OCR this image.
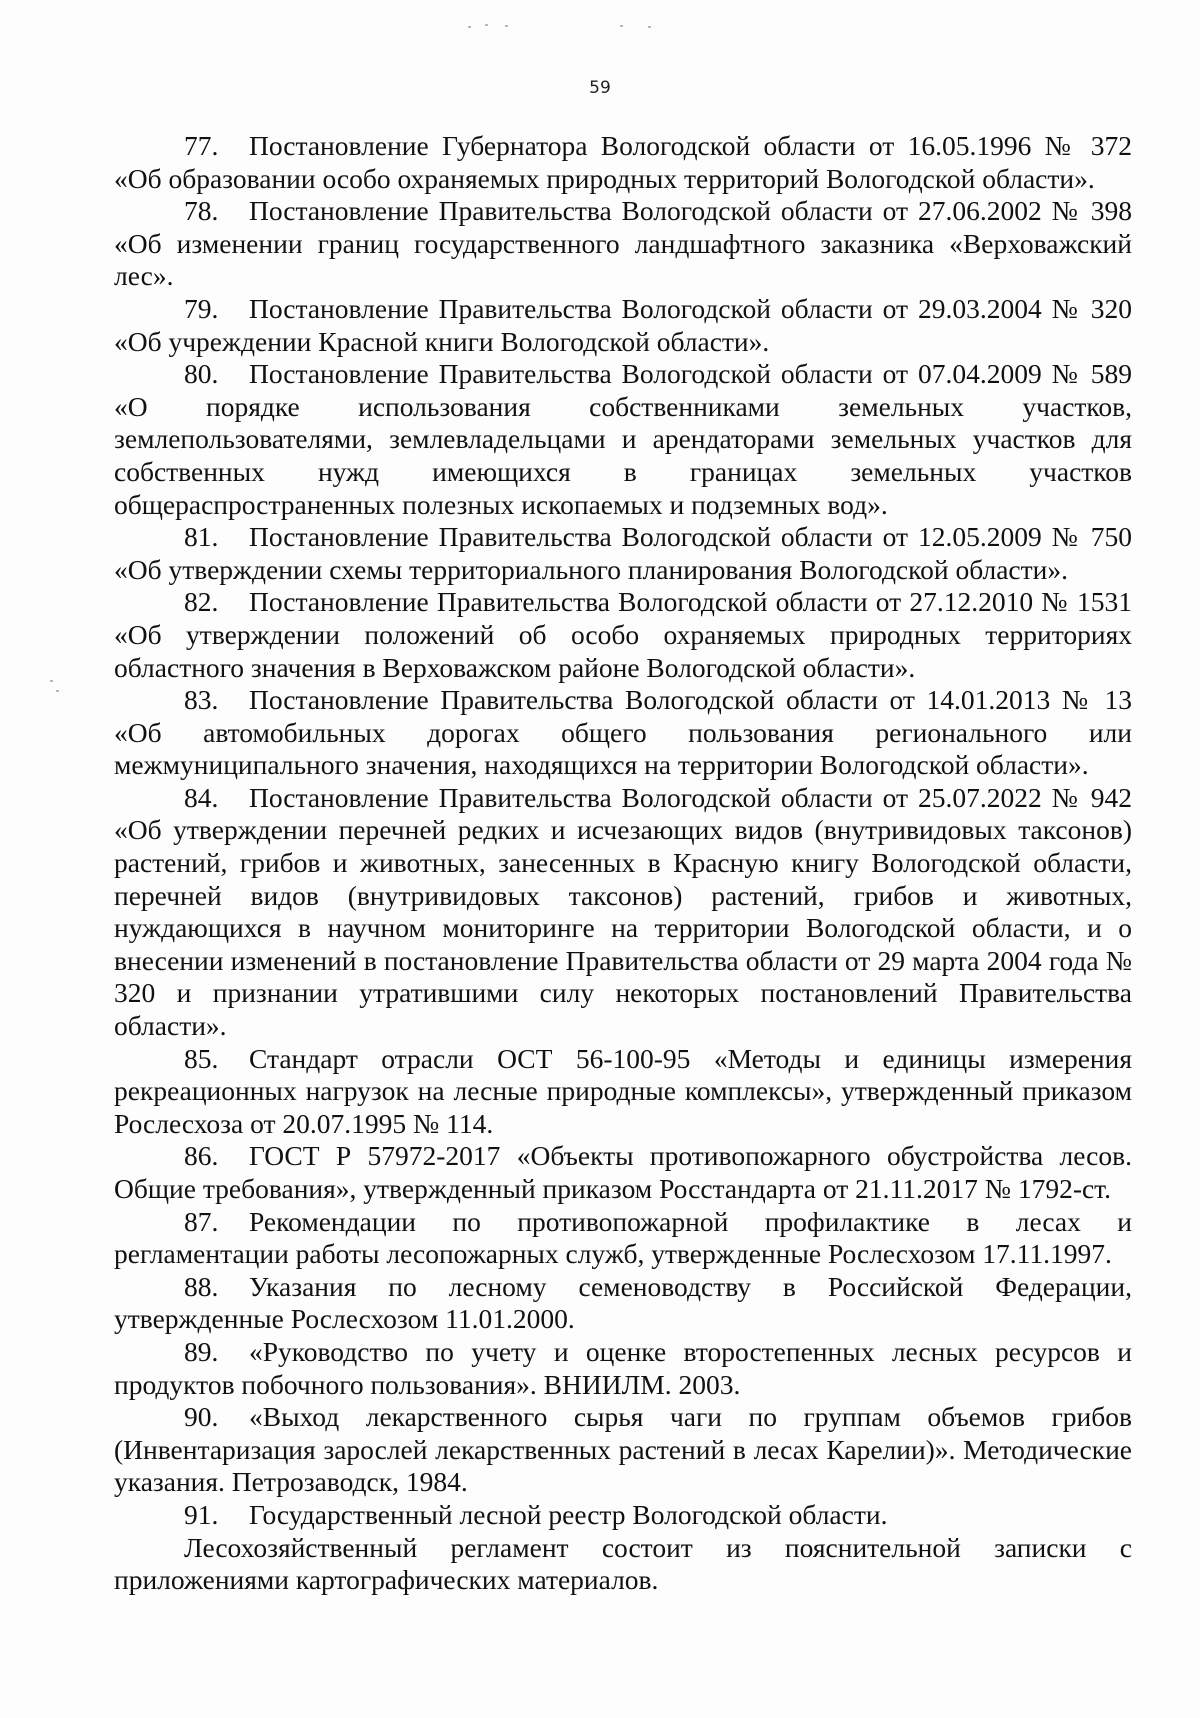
59

77. Постановление Губернатора Вологодской области от 16.05.1996 № 372 «Об образовании особо охраняемых природных территорий Вологодской области».

78. Постановление Правительства Вологодской области от 27.06.2002 № 398 «Об изменении границ государственного ландшафтного заказника «Верховажский лес».

79. Постановление Правительства Вологодской области от 29.03.2004 № 320 «Об учреждении Красной книги Вологодской области».

80. Постановление Правительства Вологодской области от 07.04.2009 № 589 «О порядке использования собственниками земельных участков, землепользователями, землевладельцами и арендаторами земельных участков для собственных нужд имеющихся в границах земельных участков общераспространенных полезных ископаемых и подземных вод».

81. Постановление Правительства Вологодской области от 12.05.2009 № 750 «Об утверждении схемы территориального планирования Вологодской области».

82. Постановление Правительства Вологодской области от 27.12.2010 № 1531 «Об утверждении положений об особо охраняемых природных территориях областного значения в Верховажском районе Вологодской области».

83. Постановление Правительства Вологодской области от 14.01.2013 № 13 «Об автомобильных дорогах общего пользования регионального или межмуниципального значения, находящихся на территории Вологодской области».

84. Постановление Правительства Вологодской области от 25.07.2022 № 942 «Об утверждении перечней редких и исчезающих видов (внутривидовых таксонов) растений, грибов и животных, занесенных в Красную книгу Вологодской области, перечней видов (внутривидовых таксонов) растений, грибов и животных, нуждающихся в научном мониторинге на территории Вологодской области, и о внесении изменений в постановление Правительства области от 29 марта 2004 года № 320 и признании утратившими силу некоторых постановлений Правительства области».

85. Стандарт отрасли ОСТ 56-100-95 «Методы и единицы измерения рекреационных нагрузок на лесные природные комплексы», утвержденный приказом Рослесхоза от 20.07.1995 № 114.

86. ГОСТ Р 57972-2017 «Объекты противопожарного обустройства лесов. Общие требования», утвержденный приказом Росстандарта от 21.11.2017 № 1792-ст.

87. Рекомендации по противопожарной профилактике в лесах и регламентации работы лесопожарных служб, утвержденные Рослесхозом 17.11.1997.

88. Указания по лесному семеноводству в Российской Федерации, утвержденные Рослесхозом 11.01.2000.

89. «Руководство по учету и оценке второстепенных лесных ресурсов и продуктов побочного пользования». ВНИИЛМ. 2003.

90. «Выход лекарственного сырья чаги по группам объемов грибов (Инвентаризация зарослей лекарственных растений в лесах Карелии)». Методические указания. Петрозаводск, 1984.

91. Государственный лесной реестр Вологодской области.

Лесохозяйственный регламент состоит из пояснительной записки с приложениями картографических материалов.
